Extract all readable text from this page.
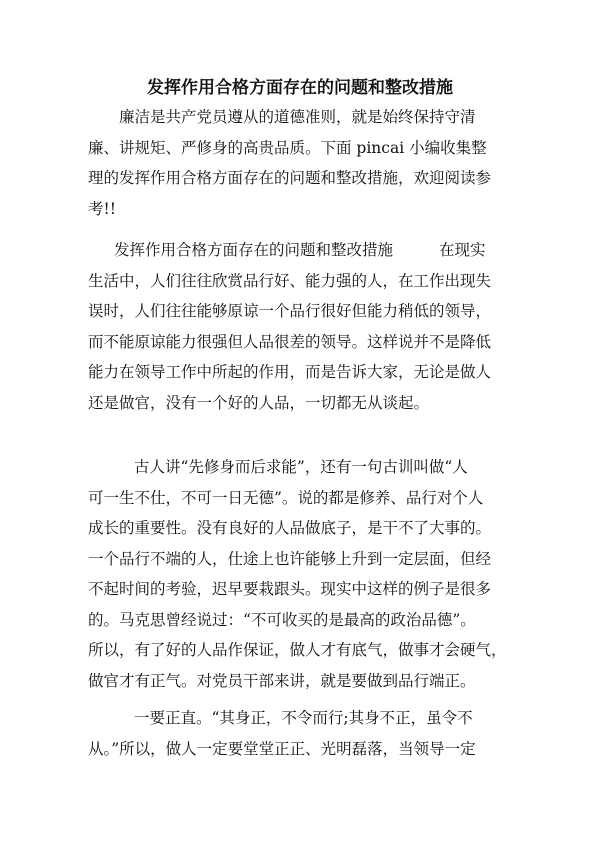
发挥作用合格方面存在的问题和整改措施
廉洁是共产党员遵从的道德准则，就是始终保持守清
廉、讲规矩、严修身的高贵品质。下面 pincai 小编收集整
理的发挥作用合格方面存在的问题和整改措施，欢迎阅读参
考!!
发挥作用合格方面存在的问题和整改措施	在现实
生活中，人们往往欣赏品行好、能力强的人，在工作出现失
误时，人们往往能够原谅一个品行很好但能力稍低的领导，
而不能原谅能力很强但人品很差的领导。这样说并不是降低
能力在领导工作中所起的作用，而是告诉大家，无论是做人
还是做官，没有一个好的人品，一切都无从谈起。
古人讲“先修身而后求能”，还有一句古训叫做“人
可一生不仕，不可一日无德”。说的都是修养、品行对个人
成长的重要性。没有良好的人品做底子，是干不了大事的。
一个品行不端的人，仕途上也许能够上升到一定层面，但经
不起时间的考验，迟早要栽跟头。现实中这样的例子是很多
的。马克思曾经说过：“不可收买的是最高的政治品德”。
所以，有了好的人品作保证，做人才有底气，做事才会硬气，
做官才有正气。对党员干部来讲，就是要做到品行端正。
一要正直。“其身正，不令而行;其身不正，虽令不
从。”所以，做人一定要堂堂正正、光明磊落，当领导一定
